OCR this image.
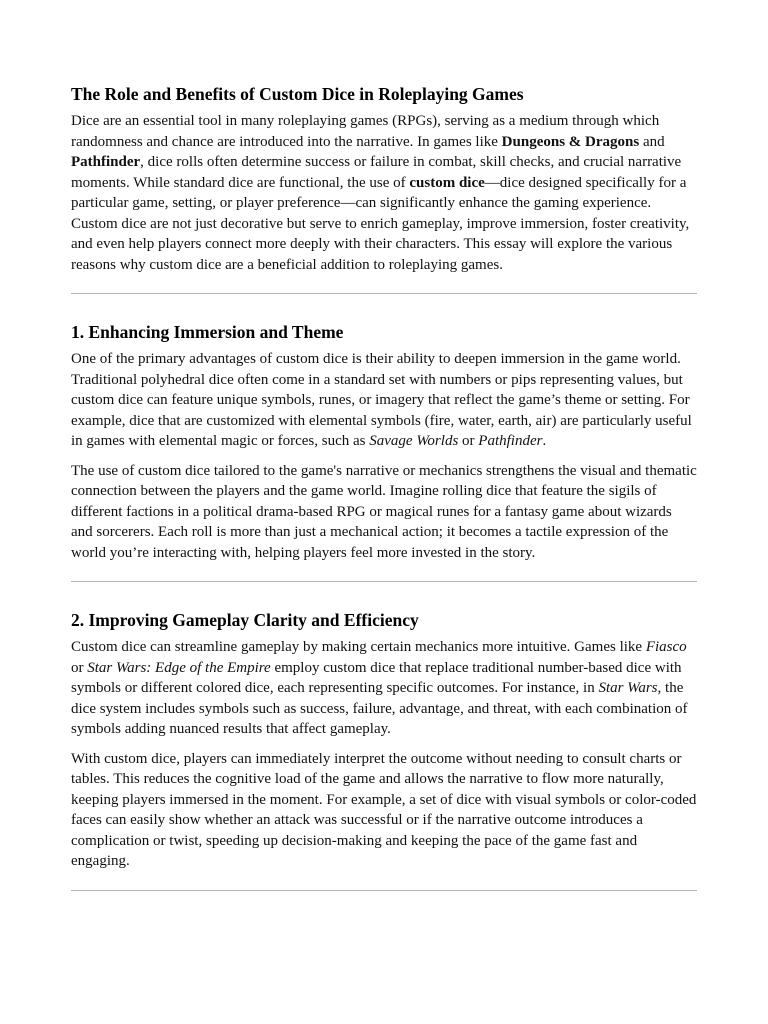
The Role and Benefits of Custom Dice in Roleplaying Games

Dice are an essential tool in many roleplaying games (RPGs), serving as a medium through which randomness and chance are introduced into the narrative. In games like Dungeons & Dragons and Pathfinder, dice rolls often determine success or failure in combat, skill checks, and crucial narrative moments. While standard dice are functional, the use of custom dice—dice designed specifically for a particular game, setting, or player preference—can significantly enhance the gaming experience. Custom dice are not just decorative but serve to enrich gameplay, improve immersion, foster creativity, and even help players connect more deeply with their characters. This essay will explore the various reasons why custom dice are a beneficial addition to roleplaying games.

1. Enhancing Immersion and Theme

One of the primary advantages of custom dice is their ability to deepen immersion in the game world. Traditional polyhedral dice often come in a standard set with numbers or pips representing values, but custom dice can feature unique symbols, runes, or imagery that reflect the game’s theme or setting. For example, dice that are customized with elemental symbols (fire, water, earth, air) are particularly useful in games with elemental magic or forces, such as Savage Worlds or Pathfinder.

The use of custom dice tailored to the game's narrative or mechanics strengthens the visual and thematic connection between the players and the game world. Imagine rolling dice that feature the sigils of different factions in a political drama-based RPG or magical runes for a fantasy game about wizards and sorcerers. Each roll is more than just a mechanical action; it becomes a tactile expression of the world you’re interacting with, helping players feel more invested in the story.

2. Improving Gameplay Clarity and Efficiency

Custom dice can streamline gameplay by making certain mechanics more intuitive. Games like Fiasco or Star Wars: Edge of the Empire employ custom dice that replace traditional number-based dice with symbols or different colored dice, each representing specific outcomes. For instance, in Star Wars, the dice system includes symbols such as success, failure, advantage, and threat, with each combination of symbols adding nuanced results that affect gameplay.

With custom dice, players can immediately interpret the outcome without needing to consult charts or tables. This reduces the cognitive load of the game and allows the narrative to flow more naturally, keeping players immersed in the moment. For example, a set of dice with visual symbols or color-coded faces can easily show whether an attack was successful or if the narrative outcome introduces a complication or twist, speeding up decision-making and keeping the pace of the game fast and engaging.
